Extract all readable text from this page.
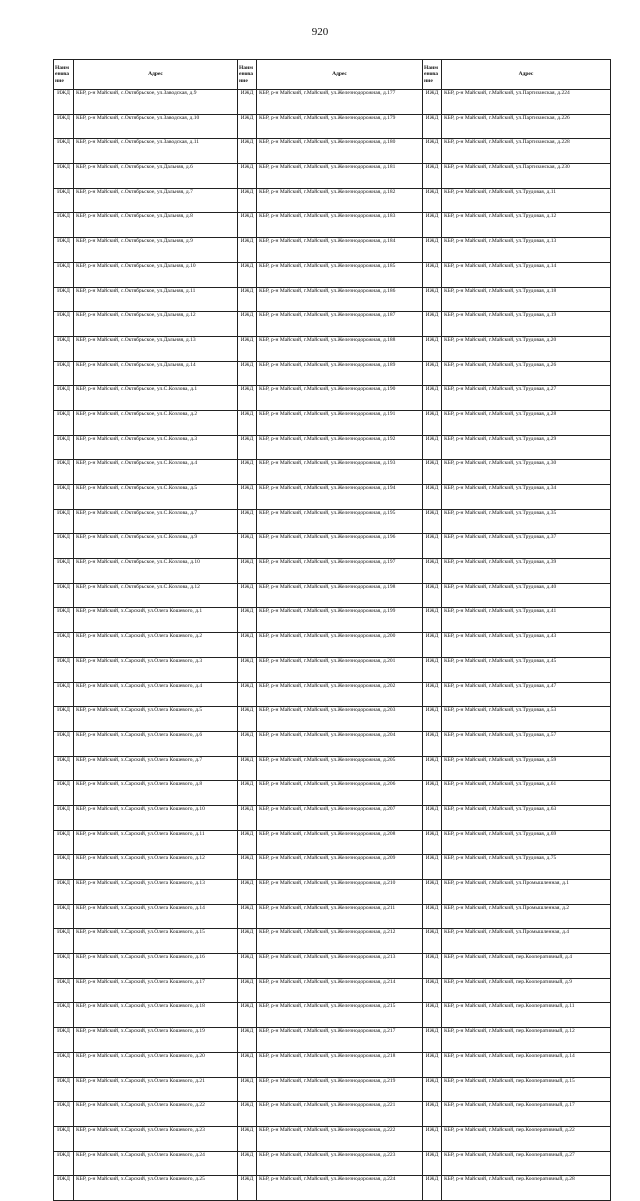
920
Наим енова ние	Адрес	Наим енова ние	Адрес	Наим енова ние	Адрес
ИЖД	КБР, р-н Майский, с.Октябрьское, ул.Заводская, д.9	ИЖД	КБР, р-н Майский, г.Майский, ул.Железнодорожная, д.177	ИЖД	КБР, р-н Майский, г.Майский, ул.Партизанская, д.224
ИЖД	КБР, р-н Майский, с.Октябрьское, ул.Заводская, д.10	ИЖД	КБР, р-н Майский, г.Майский, ул.Железнодорожная, д.179	ИЖД	КБР, р-н Майский, г.Майский, ул.Партизанская, д.226
ИЖД	КБР, р-н Майский, с.Октябрьское, ул.Заводская, д.11	ИЖД	КБР, р-н Майский, г.Майский, ул.Железнодорожная, д.180	ИЖД	КБР, р-н Майский, г.Майский, ул.Партизанская, д.228
ИЖД	КБР, р-н Майский, с.Октябрьское, ул.Дальняя, д.6	ИЖД	КБР, р-н Майский, г.Майский, ул.Железнодорожная, д.181	ИЖД	КБР, р-н Майский, г.Майский, ул.Партизанская, д.230
ИЖД	КБР, р-н Майский, с.Октябрьское, ул.Дальняя, д.7	ИЖД	КБР, р-н Майский, г.Майский, ул.Железнодорожная, д.182	ИЖД	КБР, р-н Майский, г.Майский, ул.Трудовая, д.11
ИЖД	КБР, р-н Майский, с.Октябрьское, ул.Дальняя, д.8	ИЖД	КБР, р-н Майский, г.Майский, ул.Железнодорожная, д.183	ИЖД	КБР, р-н Майский, г.Майский, ул.Трудовая, д.12
ИЖД	КБР, р-н Майский, с.Октябрьское, ул.Дальняя, д.9	ИЖД	КБР, р-н Майский, г.Майский, ул.Железнодорожная, д.184	ИЖД	КБР, р-н Майский, г.Майский, ул.Трудовая, д.13
ИЖД	КБР, р-н Майский, с.Октябрьское, ул.Дальняя, д.10	ИЖД	КБР, р-н Майский, г.Майский, ул.Железнодорожная, д.185	ИЖД	КБР, р-н Майский, г.Майский, ул.Трудовая, д.14
ИЖД	КБР, р-н Майский, с.Октябрьское, ул.Дальняя, д.11	ИЖД	КБР, р-н Майский, г.Майский, ул.Железнодорожная, д.186	ИЖД	КБР, р-н Майский, г.Майский, ул.Трудовая, д.18
ИЖД	КБР, р-н Майский, с.Октябрьское, ул.Дальняя, д.12	ИЖД	КБР, р-н Майский, г.Майский, ул.Железнодорожная, д.187	ИЖД	КБР, р-н Майский, г.Майский, ул.Трудовая, д.19
ИЖД	КБР, р-н Майский, с.Октябрьское, ул.Дальняя, д.13	ИЖД	КБР, р-н Майский, г.Майский, ул.Железнодорожная, д.188	ИЖД	КБР, р-н Майский, г.Майский, ул.Трудовая, д.20
ИЖД	КБР, р-н Майский, с.Октябрьское, ул.Дальняя, д.14	ИЖД	КБР, р-н Майский, г.Майский, ул.Железнодорожная, д.189	ИЖД	КБР, р-н Майский, г.Майский, ул.Трудовая, д.26
ИЖД	КБР, р-н Майский, с.Октябрьское, ул.С.Козлова, д.1	ИЖД	КБР, р-н Майский, г.Майский, ул.Железнодорожная, д.190	ИЖД	КБР, р-н Майский, г.Майский, ул.Трудовая, д.27
ИЖД	КБР, р-н Майский, с.Октябрьское, ул.С.Козлова, д.2	ИЖД	КБР, р-н Майский, г.Майский, ул.Железнодорожная, д.191	ИЖД	КБР, р-н Майский, г.Майский, ул.Трудовая, д.28
ИЖД	КБР, р-н Майский, с.Октябрьское, ул.С.Козлова, д.3	ИЖД	КБР, р-н Майский, г.Майский, ул.Железнодорожная, д.192	ИЖД	КБР, р-н Майский, г.Майский, ул.Трудовая, д.29
ИЖД	КБР, р-н Майский, с.Октябрьское, ул.С.Козлова, д.4	ИЖД	КБР, р-н Майский, г.Майский, ул.Железнодорожная, д.193	ИЖД	КБР, р-н Майский, г.Майский, ул.Трудовая, д.30
ИЖД	КБР, р-н Майский, с.Октябрьское, ул.С.Козлова, д.5	ИЖД	КБР, р-н Майский, г.Майский, ул.Железнодорожная, д.194	ИЖД	КБР, р-н Майский, г.Майский, ул.Трудовая, д.34
ИЖД	КБР, р-н Майский, с.Октябрьское, ул.С.Козлова, д.7	ИЖД	КБР, р-н Майский, г.Майский, ул.Железнодорожная, д.195	ИЖД	КБР, р-н Майский, г.Майский, ул.Трудовая, д.35
ИЖД	КБР, р-н Майский, с.Октябрьское, ул.С.Козлова, д.9	ИЖД	КБР, р-н Майский, г.Майский, ул.Железнодорожная, д.196	ИЖД	КБР, р-н Майский, г.Майский, ул.Трудовая, д.37
ИЖД	КБР, р-н Майский, с.Октябрьское, ул.С.Козлова, д.10	ИЖД	КБР, р-н Майский, г.Майский, ул.Железнодорожная, д.197	ИЖД	КБР, р-н Майский, г.Майский, ул.Трудовая, д.39
ИЖД	КБР, р-н Майский, с.Октябрьское, ул.С.Козлова, д.12	ИЖД	КБР, р-н Майский, г.Майский, ул.Железнодорожная, д.198	ИЖД	КБР, р-н Майский, г.Майский, ул.Трудовая, д.40
ИЖД	КБР, р-н Майский, х.Сарский, ул.Олега Кошевого, д.1	ИЖД	КБР, р-н Майский, г.Майский, ул.Железнодорожная, д.199	ИЖД	КБР, р-н Майский, г.Майский, ул.Трудовая, д.41
ИЖД	КБР, р-н Майский, х.Сарский, ул.Олега Кошевого, д.2	ИЖД	КБР, р-н Майский, г.Майский, ул.Железнодорожная, д.200	ИЖД	КБР, р-н Майский, г.Майский, ул.Трудовая, д.43
ИЖД	КБР, р-н Майский, х.Сарский, ул.Олега Кошевого, д.3	ИЖД	КБР, р-н Майский, г.Майский, ул.Железнодорожная, д.201	ИЖД	КБР, р-н Майский, г.Майский, ул.Трудовая, д.45
ИЖД	КБР, р-н Майский, х.Сарский, ул.Олега Кошевого, д.4	ИЖД	КБР, р-н Майский, г.Майский, ул.Железнодорожная, д.202	ИЖД	КБР, р-н Майский, г.Майский, ул.Трудовая, д.47
ИЖД	КБР, р-н Майский, х.Сарский, ул.Олега Кошевого, д.5	ИЖД	КБР, р-н Майский, г.Майский, ул.Железнодорожная, д.203	ИЖД	КБР, р-н Майский, г.Майский, ул.Трудовая, д.53
ИЖД	КБР, р-н Майский, х.Сарский, ул.Олега Кошевого, д.6	ИЖД	КБР, р-н Майский, г.Майский, ул.Железнодорожная, д.204	ИЖД	КБР, р-н Майский, г.Майский, ул.Трудовая, д.57
ИЖД	КБР, р-н Майский, х.Сарский, ул.Олега Кошевого, д.7	ИЖД	КБР, р-н Майский, г.Майский, ул.Железнодорожная, д.205	ИЖД	КБР, р-н Майский, г.Майский, ул.Трудовая, д.59
ИЖД	КБР, р-н Майский, х.Сарский, ул.Олега Кошевого, д.8	ИЖД	КБР, р-н Майский, г.Майский, ул.Железнодорожная, д.206	ИЖД	КБР, р-н Майский, г.Майский, ул.Трудовая, д.61
ИЖД	КБР, р-н Майский, х.Сарский, ул.Олега Кошевого, д.10	ИЖД	КБР, р-н Майский, г.Майский, ул.Железнодорожная, д.207	ИЖД	КБР, р-н Майский, г.Майский, ул.Трудовая, д.63
ИЖД	КБР, р-н Майский, х.Сарский, ул.Олега Кошевого, д.11	ИЖД	КБР, р-н Майский, г.Майский, ул.Железнодорожная, д.208	ИЖД	КБР, р-н Майский, г.Майский, ул.Трудовая, д.69
ИЖД	КБР, р-н Майский, х.Сарский, ул.Олега Кошевого, д.12	ИЖД	КБР, р-н Майский, г.Майский, ул.Железнодорожная, д.209	ИЖД	КБР, р-н Майский, г.Майский, ул.Трудовая, д.75
ИЖД	КБР, р-н Майский, х.Сарский, ул.Олега Кошевого, д.13	ИЖД	КБР, р-н Майский, г.Майский, ул.Железнодорожная, д.210	ИЖД	КБР, р-н Майский, г.Майский, ул.Промышленная, д.1
ИЖД	КБР, р-н Майский, х.Сарский, ул.Олега Кошевого, д.14	ИЖД	КБР, р-н Майский, г.Майский, ул.Железнодорожная, д.211	ИЖД	КБР, р-н Майский, г.Майский, ул.Промышленная, д.2
ИЖД	КБР, р-н Майский, х.Сарский, ул.Олега Кошевого, д.15	ИЖД	КБР, р-н Майский, г.Майский, ул.Железнодорожная, д.212	ИЖД	КБР, р-н Майский, г.Майский, ул.Промышленная, д.4
ИЖД	КБР, р-н Майский, х.Сарский, ул.Олега Кошевого, д.16	ИЖД	КБР, р-н Майский, г.Майский, ул.Железнодорожная, д.213	ИЖД	КБР, р-н Майский, г.Майский, пер.Кооперативный, д.4
ИЖД	КБР, р-н Майский, х.Сарский, ул.Олега Кошевого, д.17	ИЖД	КБР, р-н Майский, г.Майский, ул.Железнодорожная, д.214	ИЖД	КБР, р-н Майский, г.Майский, пер.Кооперативный, д.9
ИЖД	КБР, р-н Майский, х.Сарский, ул.Олега Кошевого, д.18	ИЖД	КБР, р-н Майский, г.Майский, ул.Железнодорожная, д.215	ИЖД	КБР, р-н Майский, г.Майский, пер.Кооперативный, д.11
ИЖД	КБР, р-н Майский, х.Сарский, ул.Олега Кошевого, д.19	ИЖД	КБР, р-н Майский, г.Майский, ул.Железнодорожная, д.217	ИЖД	КБР, р-н Майский, г.Майский, пер.Кооперативный, д.12
ИЖД	КБР, р-н Майский, х.Сарский, ул.Олега Кошевого, д.20	ИЖД	КБР, р-н Майский, г.Майский, ул.Железнодорожная, д.218	ИЖД	КБР, р-н Майский, г.Майский, пер.Кооперативный, д.14
ИЖД	КБР, р-н Майский, х.Сарский, ул.Олега Кошевого, д.21	ИЖД	КБР, р-н Майский, г.Майский, ул.Железнодорожная, д.219	ИЖД	КБР, р-н Майский, г.Майский, пер.Кооперативный, д.15
ИЖД	КБР, р-н Майский, х.Сарский, ул.Олега Кошевого, д.22	ИЖД	КБР, р-н Майский, г.Майский, ул.Железнодорожная, д.221	ИЖД	КБР, р-н Майский, г.Майский, пер.Кооперативный, д.17
ИЖД	КБР, р-н Майский, х.Сарский, ул.Олега Кошевого, д.23	ИЖД	КБР, р-н Майский, г.Майский, ул.Железнодорожная, д.222	ИЖД	КБР, р-н Майский, г.Майский, пер.Кооперативный, д.22
ИЖД	КБР, р-н Майский, х.Сарский, ул.Олега Кошевого, д.24	ИЖД	КБР, р-н Майский, г.Майский, ул.Железнодорожная, д.223	ИЖД	КБР, р-н Майский, г.Майский, пер.Кооперативный, д.27
ИЖД	КБР, р-н Майский, х.Сарский, ул.Олега Кошевого, д.25	ИЖД	КБР, р-н Майский, г.Майский, ул.Железнодорожная, д.224	ИЖД	КБР, р-н Майский, г.Майский, пер.Кооперативный, д.28
